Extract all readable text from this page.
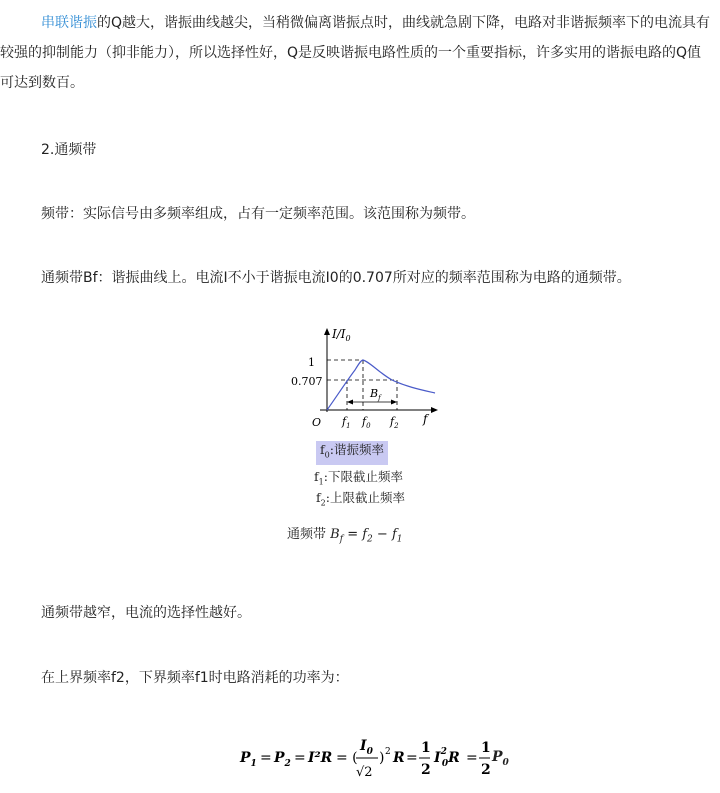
串联谐振的Q越大，谐振曲线越尖，当稍微偏离谐振点时，曲线就急剧下降，电路对非谐振频率下的电流具有较强的抑制能力（抑非能力），所以选择性好，Q是反映谐振电路性质的一个重要指标，许多实用的谐振电路的Q值可达到数百。

2.通频带
频带：实际信号由多频率组成，占有一定频率范围。该范围称为频带。
通频带Bf：谐振曲线上。电流I不小于谐振电流I0的0.707所对应的频率范围称为电路的通频带。
$I/I_0$
1
0.707
O	f
$B_f$
$f_1$ $f_0$ $f_2$
$f_0$:谐振频率
$f_1$:下限截止频率
$f_2$:上限截止频率
通频带 $B_f = f_2 - f_1$
通频带越窄，电流的选择性越好。
在上界频率f2，下界频率f1时电路消耗的功率为：
$P_1 = P_2 = I^2R$ = (
$I_0$
√2
) 2 R =
1
2
$I^2$ 0R =
1
2
$P_0$
